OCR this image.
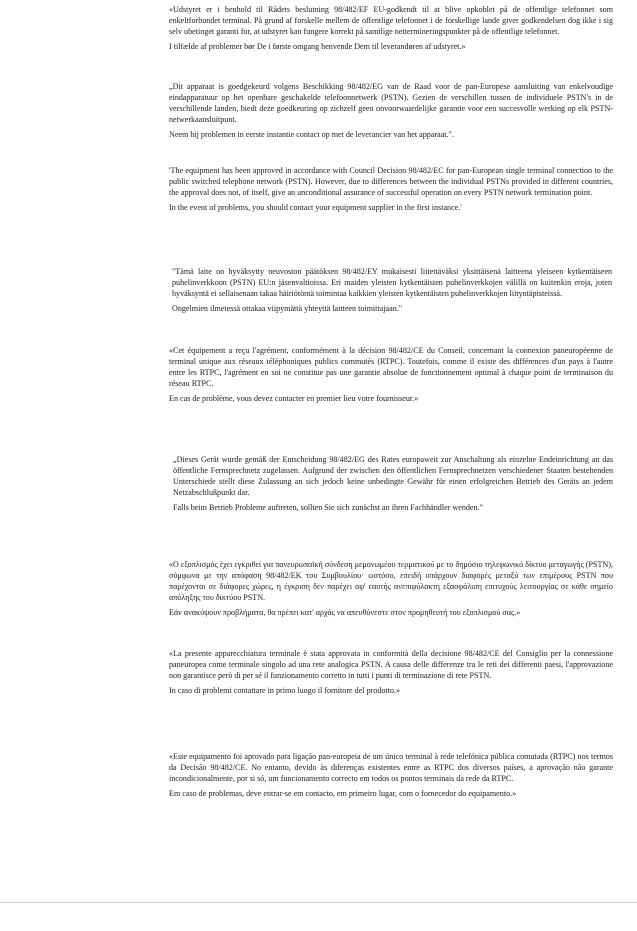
«Udstyret er i henhold til Rådets beslutning 98/482/EF EU-godkendt til at blive opkoblet på de offentlige telefonnet som enkeltforbundet terminal. På grund af forskelle mellem de offentlige telefonnet i de forskellige lande giver godkendelsen dog ikke i sig selv ubetinget garanti for, at udstyret kan fungere korrekt på samtlige nettermineringspunkter på de offentlige telefonnet.

I tilfælde af problemer bør De i første omgang henvende Dem til leverandøren af udstyret.»

„Dit apparaat is goedgekeurd volgens Beschikking 98/482/EG van de Raad voor de pan-Europese aansluiting van enkelvoudige eindapparatuur op het openbare geschakelde telefoonnetwerk (PSTN). Gezien de verschillen tussen de individuele PSTN's in de verschillende landen, biedt deze goedkeuring op zichzelf geen onvoorwaardelijke garantie voor een succesvolle werking op elk PSTN-netwerkaansluitpunt.

Neem bij problemen in eerste instantie contact op met de leverancier van het apparaat.".

'The equipment has been approved in accordance with Council Decision 98/482/EC for pan-European single terminal connection to the public switched telephone network (PSTN). However, due to differences between the individual PSTNs provided in different countries, the approval does not, of itself, give an unconditional assurance of successful operation on every PSTN network termination point.

In the event of problems, you should contact your equipment supplier in the first instance.'

"Tämä laite on hyväksytty neuvoston päätöksen 98/482/EY mukaisesti liitettäväksi yksittäisenä laitteena yleiseen kytkentäiseen puhelinverkkoon (PSTN) EU:n jäsenvaltioissa. Eri maiden yleisten kytkentäisten puhelinverkkojen välillä on kuitenkin eroja, joten hyväksyntä ei sellaisenaan takaa häiriötöntä toimintaa kaikkien yleisten kytkentäisten puhelinverkkojen liityntäpisteissä.

Ongelmien ilmetessä ottakaa viipymättä yhteyttä laitteen toimittajaan."

«Cet équipement a reçu l'agrément, conformément à la décision 98/482/CE du Conseil, concernant la connexion paneuropéenne de terminal unique aux réseaux téléphoniques publics commutés (RTPC). Toutefois, comme il existe des différences d'un pays à l'autre entre les RTPC, l'agrément en soi ne constitue pas une garantie absolue de fonctionnement optimal à chaque point de terminaison du réseau RTPC.

En cas de problème, vous devez contacter en premier lieu votre fournisseur.»

„Dieses Gerät wurde gemäß der Entscheidung 98/482/EG des Rates europaweit zur Anschaltung als einzelne Endeinrichtung an das öffentliche Fernsprechnetz zugelassen. Aufgrund der zwischen den öffentlichen Fernsprechnetzen verschiedener Staaten bestehenden Unterschiede stellt diese Zulassung an sich jedoch keine unbedingte Gewähr für einen erfolgreichen Betrieb des Geräts an jedem Netzabschlußpunkt dar.

Falls beim Betrieb Probleme auftreten, sollten Sie sich zunächst an ihren Fachhändler wenden."

«Ο εξοπλισμός έχει εγκριθεί για πανευρωπαϊκή σύνδεση μεμονωμέου τερματικού με το δημόσιο τηλεφωνικό δίκτυο μεταγωγής (PSTN), σύμφωνα με την απόφαση 98/482/ΕΚ του Συμβουλίου· ωστόσο, επειδή υπάρχουν διαφορές μεταξύ των επιμέρους PSTN που παρέχονται σε διάφορες χώρες, η έγκριση δεν παρέχει αφ' εαυτής ανεπιφύλακτη εξασφάλιση επιτυχούς λειτουργίας σε κάθε σημείο απόληξης του δικτύου PSTN.

Εάν ανακύψουν προβλήματα, θα πρέπει κατ' αρχάς να απευθύνεστε στον προμηθευτή του εξοπλισμού σας.»

«La presente apparecchiatura terminale è stata approvata in conformità della decisione 98/482/CE del Consiglio per la connessione paneuropea come terminale singolo ad una rete analogica PSTN. A causa delle differenze tra le reti dei differenti paesi, l'approvazione non garantisce però di per sé il funzionamento corretto in tutti i punti di terminazione di rete PSTN.

In caso di problemi contattare in primo luogo il fornitore del prodotto.»

«Este equipamento foi aprovado para ligação pan-europeia de um único terminal à rede telefónica pública comutada (RTPC) nos termos da Decisão 98/482/CE. No entanto, devido às diferenças existentes entre as RTPC dos diversos países, a aprovação não garante incondicionalmente, por si só, um funcionamento correcto em todos os pontos terminais da rede da RTPC.

Em caso de problemas, deve entrar-se em contacto, em primeiro lugar, com o fornecedor do equipamento.»
